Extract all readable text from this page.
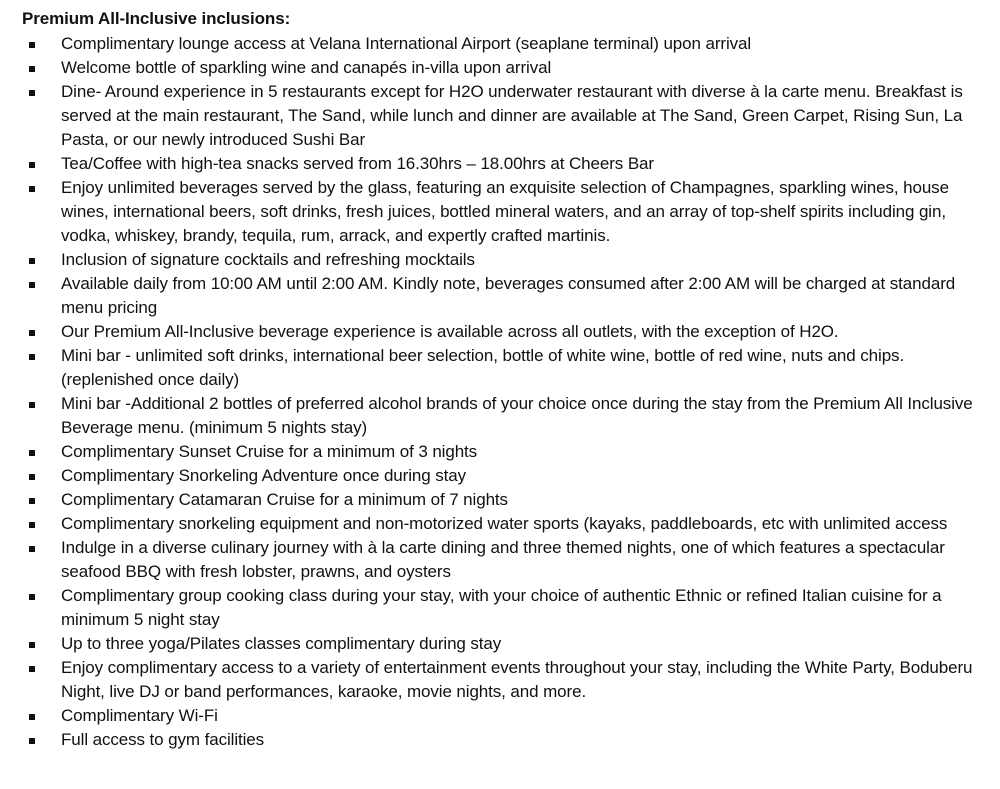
Premium All-Inclusive inclusions:

Complimentary lounge access at Velana International Airport (seaplane terminal) upon arrival
Welcome bottle of sparkling wine and canapés in-villa upon arrival
Dine- Around experience in 5 restaurants except for H2O underwater restaurant with diverse à la carte menu. Breakfast is served at the main restaurant, The Sand, while lunch and dinner are available at The Sand, Green Carpet, Rising Sun, La Pasta, or our newly introduced Sushi Bar
Tea/Coffee with high-tea snacks served from 16.30hrs – 18.00hrs at Cheers Bar
Enjoy unlimited beverages served by the glass, featuring an exquisite selection of Champagnes, sparkling wines, house wines, international beers, soft drinks, fresh juices, bottled mineral waters, and an array of top-shelf spirits including gin, vodka, whiskey, brandy, tequila, rum, arrack, and expertly crafted martinis.
Inclusion of signature cocktails and refreshing mocktails
Available daily from 10:00 AM until 2:00 AM. Kindly note, beverages consumed after 2:00 AM will be charged at standard menu pricing
Our Premium All-Inclusive beverage experience is available across all outlets, with the exception of H2O.
Mini bar - unlimited soft drinks, international beer selection, bottle of white wine, bottle of red wine, nuts and chips. (replenished once daily)
Mini bar -Additional 2 bottles of preferred alcohol brands of your choice once during the stay from the Premium All Inclusive Beverage menu. (minimum 5 nights stay)
Complimentary Sunset Cruise for a minimum of 3 nights
Complimentary Snorkeling Adventure once during stay
Complimentary Catamaran Cruise for a minimum of 7 nights
Complimentary snorkeling equipment and non-motorized water sports (kayaks, paddleboards, etc with unlimited access
Indulge in a diverse culinary journey with à la carte dining and three themed nights, one of which features a spectacular seafood BBQ with fresh lobster, prawns, and oysters
Complimentary group cooking class during your stay, with your choice of authentic Ethnic or refined Italian cuisine for a minimum 5 night stay
Up to three yoga/Pilates classes complimentary during stay
Enjoy complimentary access to a variety of entertainment events throughout your stay, including the White Party, Boduberu Night, live DJ or band performances, karaoke, movie nights, and more.
Complimentary Wi-Fi
Full access to gym facilities
